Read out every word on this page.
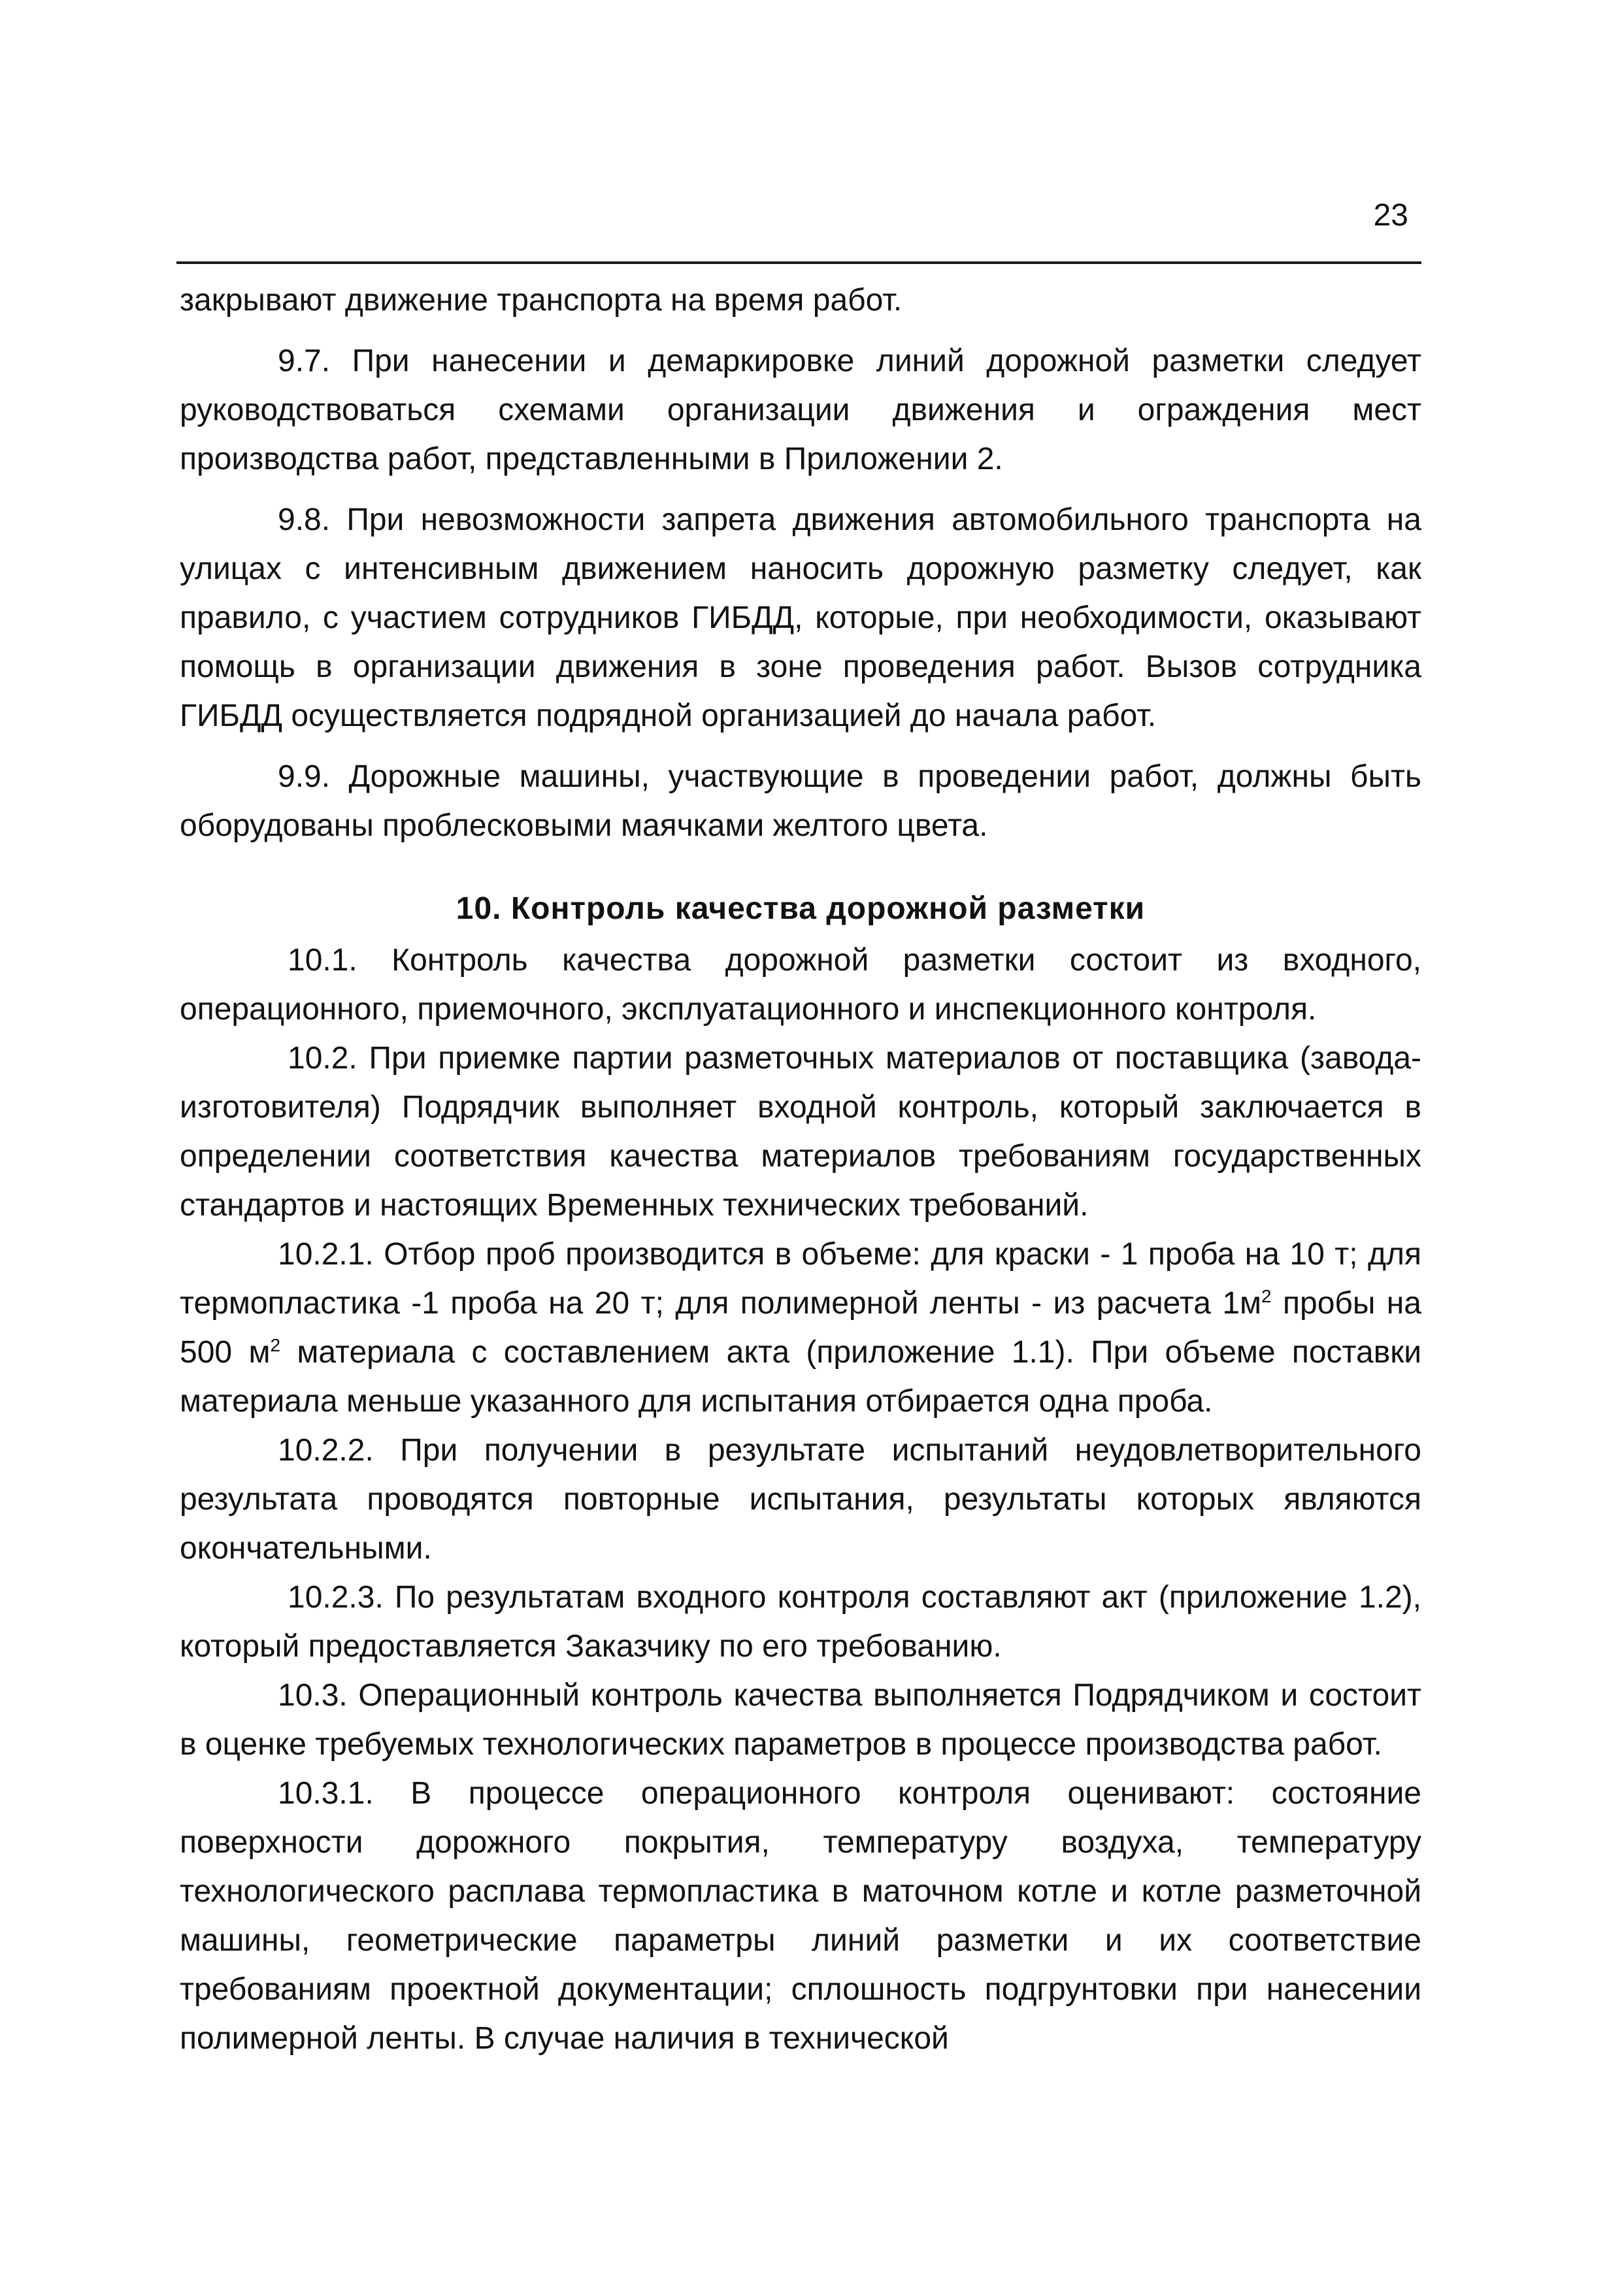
23

закрывают движение транспорта на время работ.

9.7. При нанесении и демаркировке линий дорожной разметки следует руководствоваться схемами организации движения и ограждения мест производства работ, представленными в Приложении 2.

9.8. При невозможности запрета движения автомобильного транспорта на улицах с интенсивным движением наносить дорожную разметку следует, как правило, с участием сотрудников ГИБДД, которые, при необходимости, оказывают помощь в организации движения в зоне проведения работ. Вызов сотрудника ГИБДД осуществляется подрядной организацией до начала работ.

9.9. Дорожные машины, участвующие в проведении работ, должны быть оборудованы проблесковыми маячками желтого цвета.

10. Контроль качества дорожной разметки

10.1. Контроль качества дорожной разметки состоит из входного, операционного, приемочного, эксплуатационного и инспекционного контроля.

10.2. При приемке партии разметочных материалов от поставщика (завода-изготовителя) Подрядчик выполняет входной контроль, который заключается в определении соответствия качества материалов требованиям государственных стандартов и настоящих Временных технических требований.

10.2.1. Отбор проб производится в объеме: для краски - 1 проба на 10 т; для термопластика -1 проба на 20 т; для полимерной ленты - из расчета $1м^2$ пробы на 500 $м^2$ материала с составлением акта (приложение 1.1). При объеме поставки материала меньше указанного для испытания отбирается одна проба.

10.2.2. При получении в результате испытаний неудовлетворительного результата проводятся повторные испытания, результаты которых являются окончательными.

10.2.3. По результатам входного контроля составляют акт (приложение 1.2), который предоставляется Заказчику по его требованию.

10.3. Операционный контроль качества выполняется Подрядчиком и состоит в оценке требуемых технологических параметров в процессе производства работ.

10.3.1. В процессе операционного контроля оценивают: состояние поверхности дорожного покрытия, температуру воздуха, температуру технологического расплава термопластика в маточном котле и котле разметочной машины, геометрические параметры линий разметки и их соответствие требованиям проектной документации; сплошность подгрунтовки при нанесении полимерной ленты. В случае наличия в технической
